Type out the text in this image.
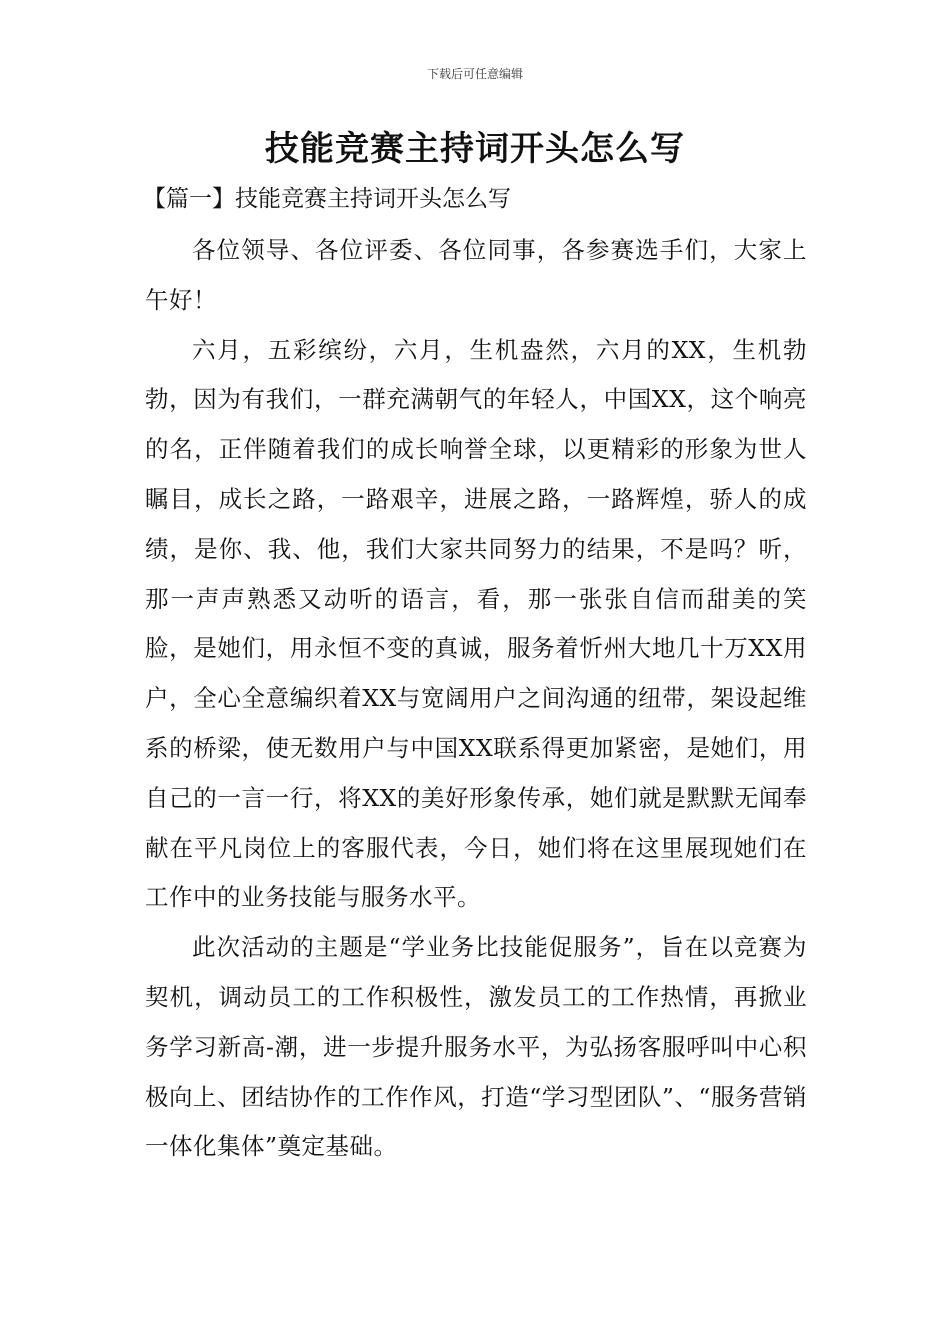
下载后可任意编辑
技能竞赛主持词开头怎么写
【篇一】技能竞赛主持词开头怎么写

各位领导、各位评委、各位同事，各参赛选手们，大家上午好！

六月，五彩缤纷，六月，生机盎然，六月的XX，生机勃勃，因为有我们，一群充满朝气的年轻人，中国XX，这个响亮的名，正伴随着我们的成长响誉全球，以更精彩的形象为世人瞩目，成长之路，一路艰辛，进展之路，一路辉煌，骄人的成绩，是你、我、他，我们大家共同努力的结果，不是吗？听，那一声声熟悉又动听的语言，看，那一张张自信而甜美的笑脸，是她们，用永恒不变的真诚，服务着忻州大地几十万XX用户，全心全意编织着XX与宽阔用户之间沟通的纽带，架设起维系的桥梁，使无数用户与中国XX联系得更加紧密，是她们，用自己的一言一行，将XX的美好形象传承，她们就是默默无闻奉献在平凡岗位上的客服代表，今日，她们将在这里展现她们在工作中的业务技能与服务水平。

此次活动的主题是“学业务比技能促服务”，旨在以竞赛为契机，调动员工的工作积极性，激发员工的工作热情，再掀业务学习新高-潮，进一步提升服务水平，为弘扬客服呼叫中心积极向上、团结协作的工作作风，打造“学习型团队”、“服务营销一体化集体”奠定基础。
